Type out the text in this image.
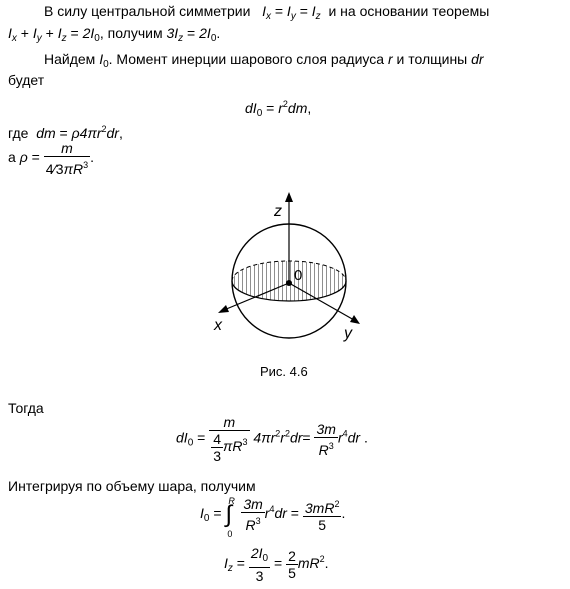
В силу центральной симметрии $I_x = I_y = I_z$ и на основании теоремы
$I_x + I_y + I_z = 2I_0$, получим $3I_z = 2I_0$.
Найдем $I_0$. Момент инерции шарового слоя радиуса r и толщины dr
будет
$dI_0 = r^2dm$,
где dm = $\rho 4\pi r^2dr$,
а $\rho = \frac{m}{4⁄3\pi R^3}$ .
z
0
x	y
Рис. 4.6
Тогда
$dI_0 = \frac{m}{\frac{4}{3} \pi R^3} 4\pi r^2r^2dr= \frac{3m}{R^3} r^4dr$ .
Интегрируя по объему шара, получим
$I_0$ =
R
∫
0

$\frac{3m}{R^3} r^4dr = \frac{3mR^2}{5}$ .
$I_z = \frac{2I_0}{3} = \frac{2}{5} mR^2$.
